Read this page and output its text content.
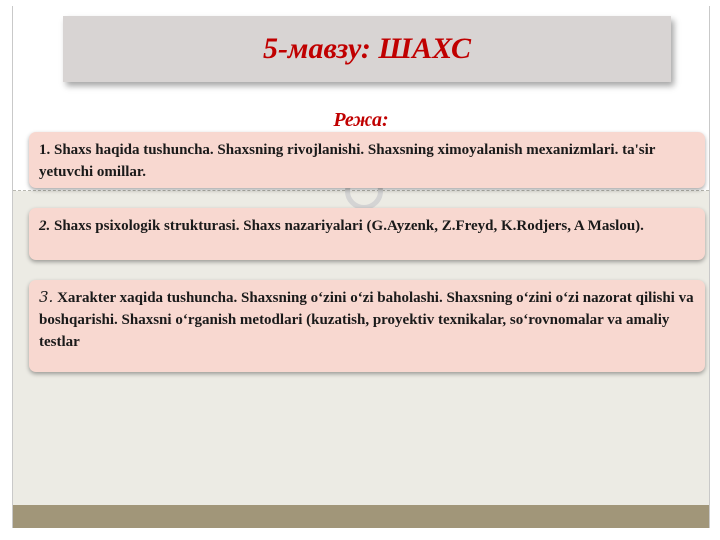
5-мавзу: ШАХС
Режа:
1. Shaxs haqida tushuncha. Shaxsning rivojlanishi. Shaxsning ximoyalanish mexanizmlari. ta'sir yetuvchi omillar.
2. Shaxs psixologik strukturasi. Shaxs nazariyalari (G.Ayzenk, Z.Freyd, K.Rodjers, A Maslou).
3. Xarakter xaqida tushuncha. Shaxsning o‘zini o‘zi baholashi. Shaxsning o‘zini o‘zi nazorat qilishi va boshqarishi. Shaxsni o‘rganish metodlari (kuzatish, proyektiv texnikalar, so‘rovnomalar va amaliy testlar
